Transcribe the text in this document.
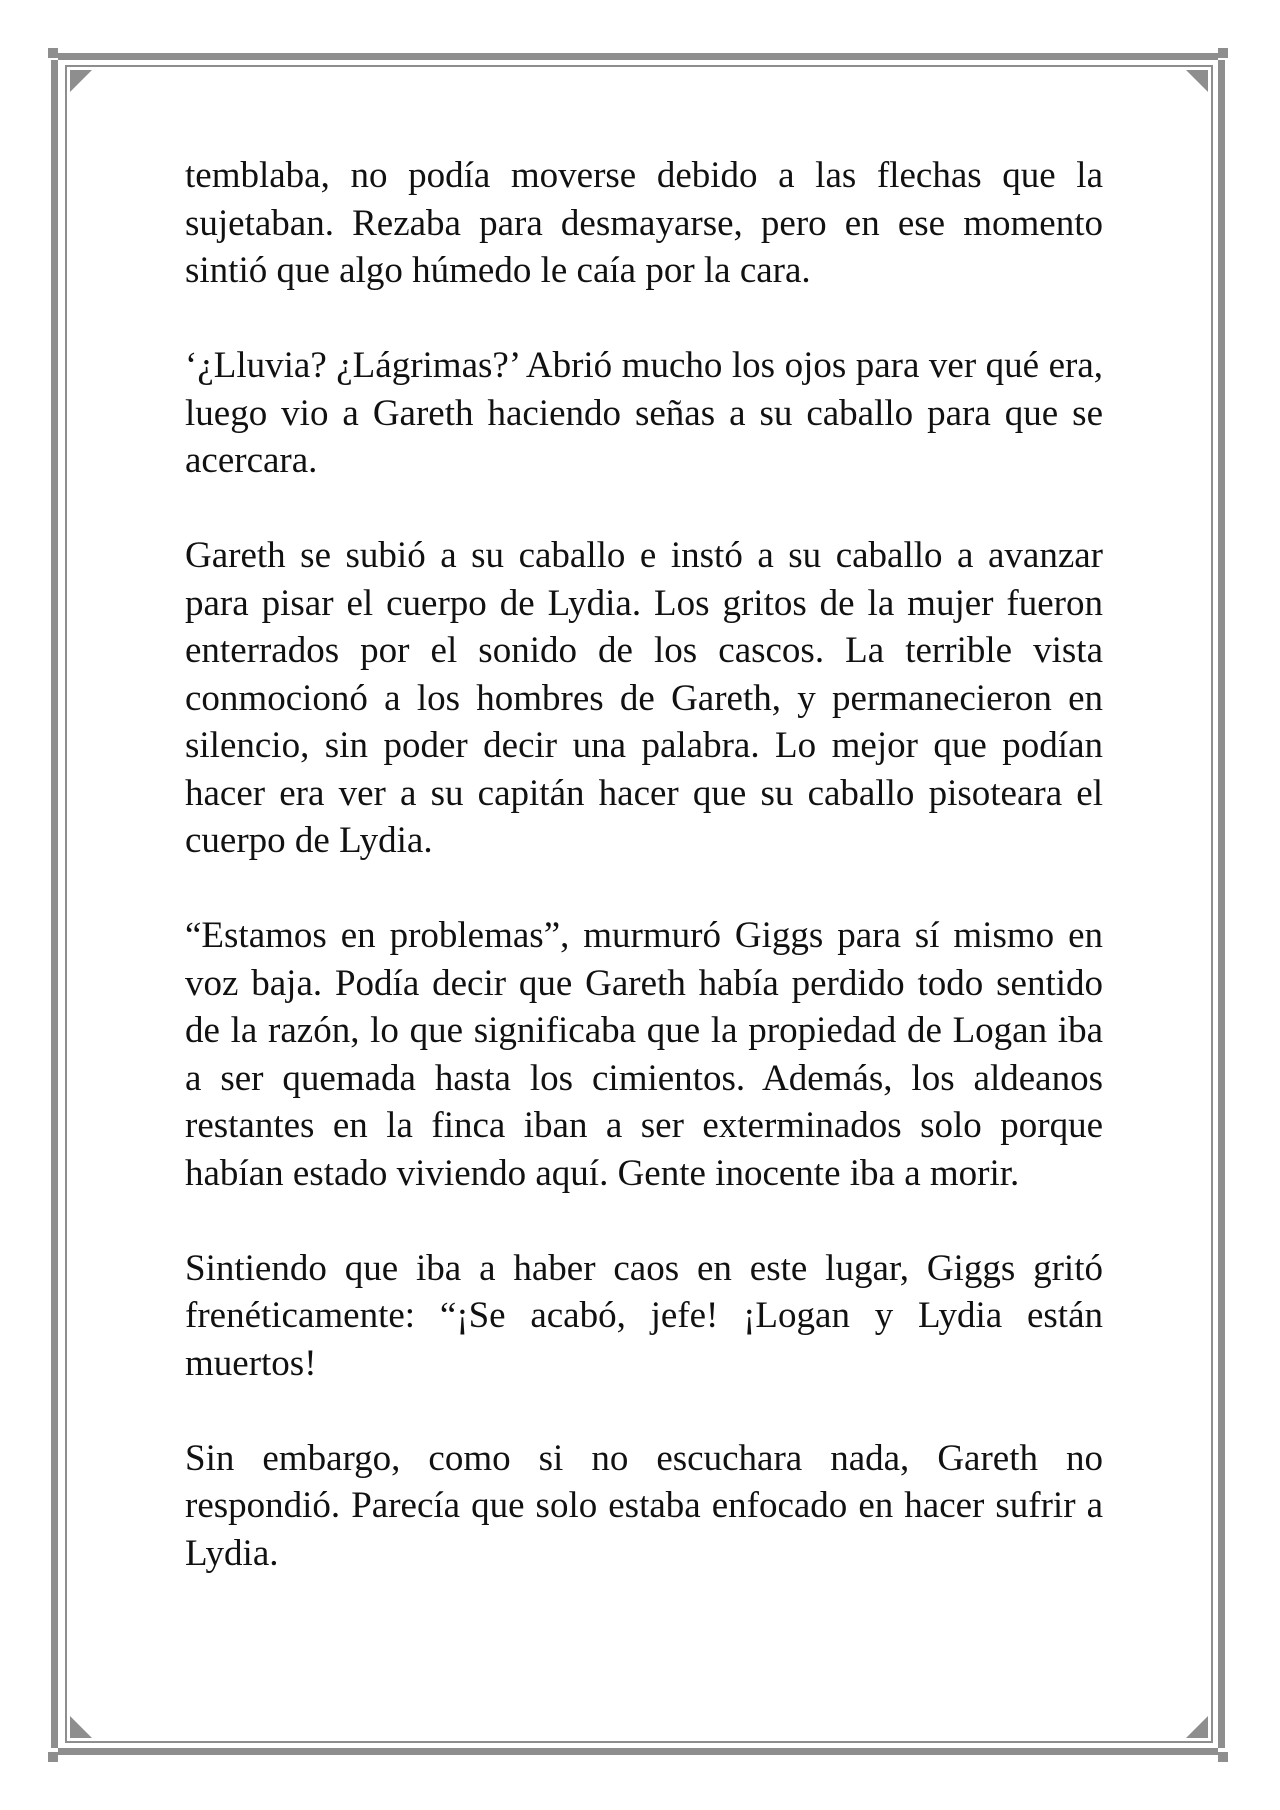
temblaba, no podía moverse debido a las flechas que la sujetaban. Rezaba para desmayarse, pero en ese momento sintió que algo húmedo le caía por la cara.

‘¿Lluvia? ¿Lágrimas?’ Abrió mucho los ojos para ver qué era, luego vio a Gareth haciendo señas a su caballo para que se acercara.

Gareth se subió a su caballo e instó a su caballo a avanzar para pisar el cuerpo de Lydia. Los gritos de la mujer fueron enterrados por el sonido de los cascos. La terrible vista conmocionó a los hombres de Gareth, y permanecieron en silencio, sin poder decir una palabra. Lo mejor que podían hacer era ver a su capitán hacer que su caballo pisoteara el cuerpo de Lydia.

“Estamos en problemas”, murmuró Giggs para sí mismo en voz baja. Podía decir que Gareth había perdido todo sentido de la razón, lo que significaba que la propiedad de Logan iba a ser quemada hasta los cimientos. Además, los aldeanos restantes en la finca iban a ser exterminados solo porque habían estado viviendo aquí. Gente inocente iba a morir.

Sintiendo que iba a haber caos en este lugar, Giggs gritó frenéticamente: “¡Se acabó, jefe! ¡Logan y Lydia están muertos!

Sin embargo, como si no escuchara nada, Gareth no respondió. Parecía que solo estaba enfocado en hacer sufrir a Lydia.
